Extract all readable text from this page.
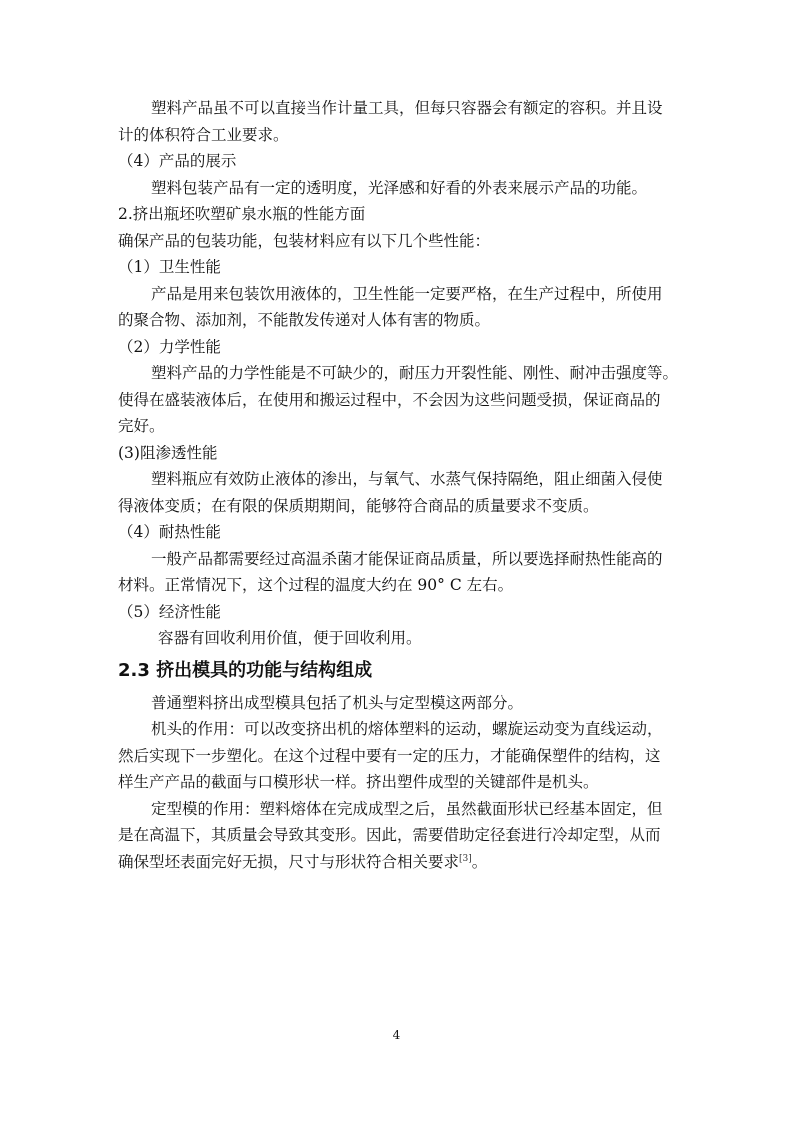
塑料产品虽不可以直接当作计量工具，但每只容器会有额定的容积。并且设

计的体积符合工业要求。

（4）产品的展示

塑料包装产品有一定的透明度，光泽感和好看的外表来展示产品的功能。

2.挤出瓶坯吹塑矿泉水瓶的性能方面

确保产品的包装功能，包装材料应有以下几个些性能：

（1）卫生性能

产品是用来包装饮用液体的，卫生性能一定要严格，在生产过程中，所使用

的聚合物、添加剂，不能散发传递对人体有害的物质。

（2）力学性能

塑料产品的力学性能是不可缺少的，耐压力开裂性能、刚性、耐冲击强度等。

使得在盛装液体后，在使用和搬运过程中，不会因为这些问题受损，保证商品的

完好。

(3)阻渗透性能

塑料瓶应有效防止液体的渗出，与氧气、水蒸气保持隔绝，阻止细菌入侵使

得液体变质；在有限的保质期期间，能够符合商品的质量要求不变质。

（4）耐热性能

一般产品都需要经过高温杀菌才能保证商品质量，所以要选择耐热性能高的

材料。正常情况下，这个过程的温度大约在 90° C 左右。

（5）经济性能

容器有回收利用价值，便于回收利用。

2.3 挤出模具的功能与结构组成

普通塑料挤出成型模具包括了机头与定型模这两部分。

机头的作用：可以改变挤出机的熔体塑料的运动，螺旋运动变为直线运动，

然后实现下一步塑化。在这个过程中要有一定的压力，才能确保塑件的结构，这

样生产产品的截面与口模形状一样。挤出塑件成型的关键部件是机头。

定型模的作用：塑料熔体在完成成型之后，虽然截面形状已经基本固定，但

是在高温下，其质量会导致其变形。因此，需要借助定径套进行冷却定型，从而

确保型坯表面完好无损，尺寸与形状符合相关要求[3]。

4
